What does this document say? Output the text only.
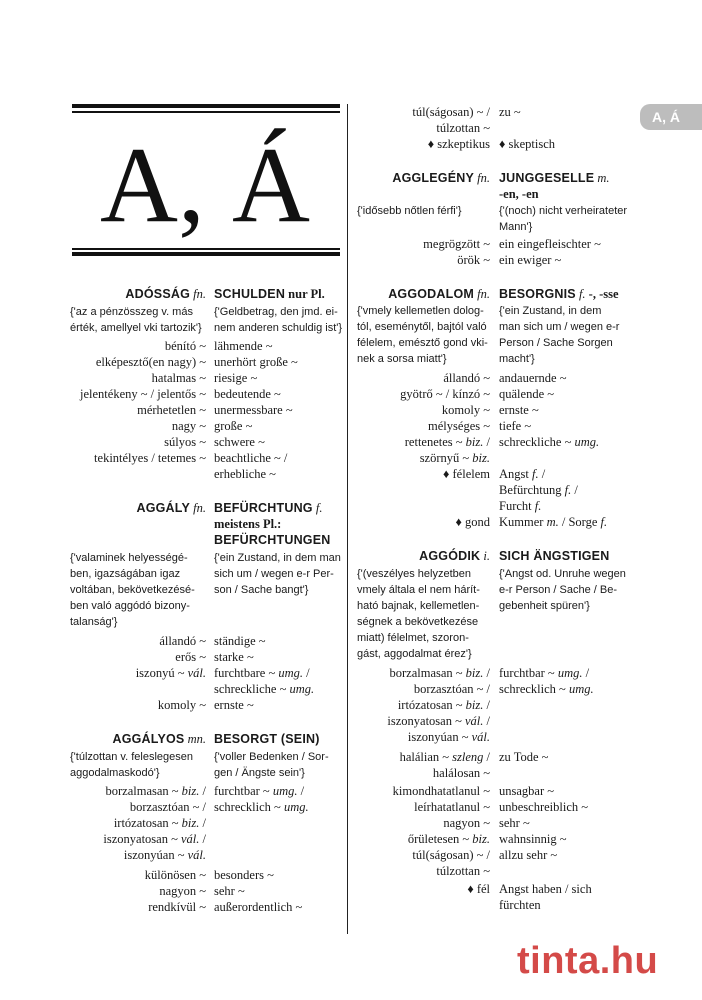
A, Á
A, Á
ADÓSSÁG fn. SCHULDEN nur Pl.
{'az a pénzösszeg v. más
érték, amellyel vki tartozik'}
{'Geldbetrag, den jmd. ei-
nem anderen schuldig ist'}
bénító ~ lähmende ~
elképesztő(en nagy) ~ unerhört große ~
hatalmas ~ riesige ~
jelentékeny ~ / jelentős ~ bedeutende ~
mérhetetlen ~ unermessbare ~
nagy ~ große ~
súlyos ~ schwere ~
tekintélyes / tetemes ~ beachtliche ~ /
erhebliche ~
AGGÁLY fn. BEFÜRCHTUNG f.
meistens Pl.:
BEFÜRCHTUNGEN
{'valaminek helyességé-
ben, igazságában igaz
voltában, bekövetkezésé-
ben való aggódó bizony-
talanság'}
{'ein Zustand, in dem man
sich um / wegen e-r Per-
son / Sache bangt'}
állandó ~ ständige ~
erős ~ starke ~
iszonyú ~ vál. furchtbare ~ umg. /
schreckliche ~ umg.
komoly ~ ernste ~
AGGÁLYOS mn. BESORGT (SEIN)
{'túlzottan v. feleslegesen
aggodalmaskodó'}
{'voller Bedenken / Sor-
gen / Ängste sein'}
borzalmasan ~ biz. / furchtbar ~ umg. /
borzasztóan ~ / schrecklich ~ umg.
irtózatosan ~ biz. /
iszonyatosan ~ vál. /
iszonyúan ~ vál.
különösen ~ besonders ~
nagyon ~ sehr ~
rendkívül ~ außerordentlich ~
túl(ságosan) ~ / zu ~
túlzottan ~
♦ szkeptikus ♦ skeptisch
AGGLEGÉNY fn. JUNGGESELLE m.
-en, -en
{'idősebb nőtlen férfi'}	{'(noch) nicht verheirateter
Mann'}
megrögzött ~ ein eingefleischter ~
örök ~ ein ewiger ~
AGGODALOM fn. BESORGNIS f. -, -sse
{'vmely kellemetlen dolog-
tól, eseménytől, bajtól való
félelem, emésztő gond vki-
nek a sorsa miatt'}
{'ein Zustand, in dem
man sich um / wegen e-r
Person / Sache Sorgen
macht'}
állandó ~ andauernde ~
gyötrő ~ / kínzó ~ quälende ~
komoly ~ ernste ~
mélységes ~ tiefe ~
rettenetes ~ biz. / schreckliche ~ umg.
szörnyű ~ biz.
♦ félelem Angst f. /
Befürchtung f. /
Furcht f.
♦ gond Kummer m. / Sorge f.
AGGÓDIK i. SICH ÄNGSTIGEN
{'(veszélyes helyzetben
vmely általa el nem hárít-
ható bajnak, kellemetlen-
ségnek a bekövetkezése
miatt) félelmet, szoron-
gást, aggodalmat érez'}
{'Angst od. Unruhe wegen
e-r Person / Sache / Be-
gebenheit spüren'}
borzalmasan ~ biz. / furchtbar ~ umg. /
borzasztóan ~ / schrecklich ~ umg.
irtózatosan ~ biz. /
iszonyatosan ~ vál. /
iszonyúan ~ vál.
halálian ~ szleng / zu Tode ~
halálosan ~
kimondhatatlanul ~ unsagbar ~
leírhatatlanul ~ unbeschreiblich ~
nagyon ~ sehr ~
őrületesen ~ biz. wahnsinnig ~
túl(ságosan) ~ / allzu sehr ~
túlzottan ~
♦ fél Angst haben / sich
fürchten
tinta.hu
